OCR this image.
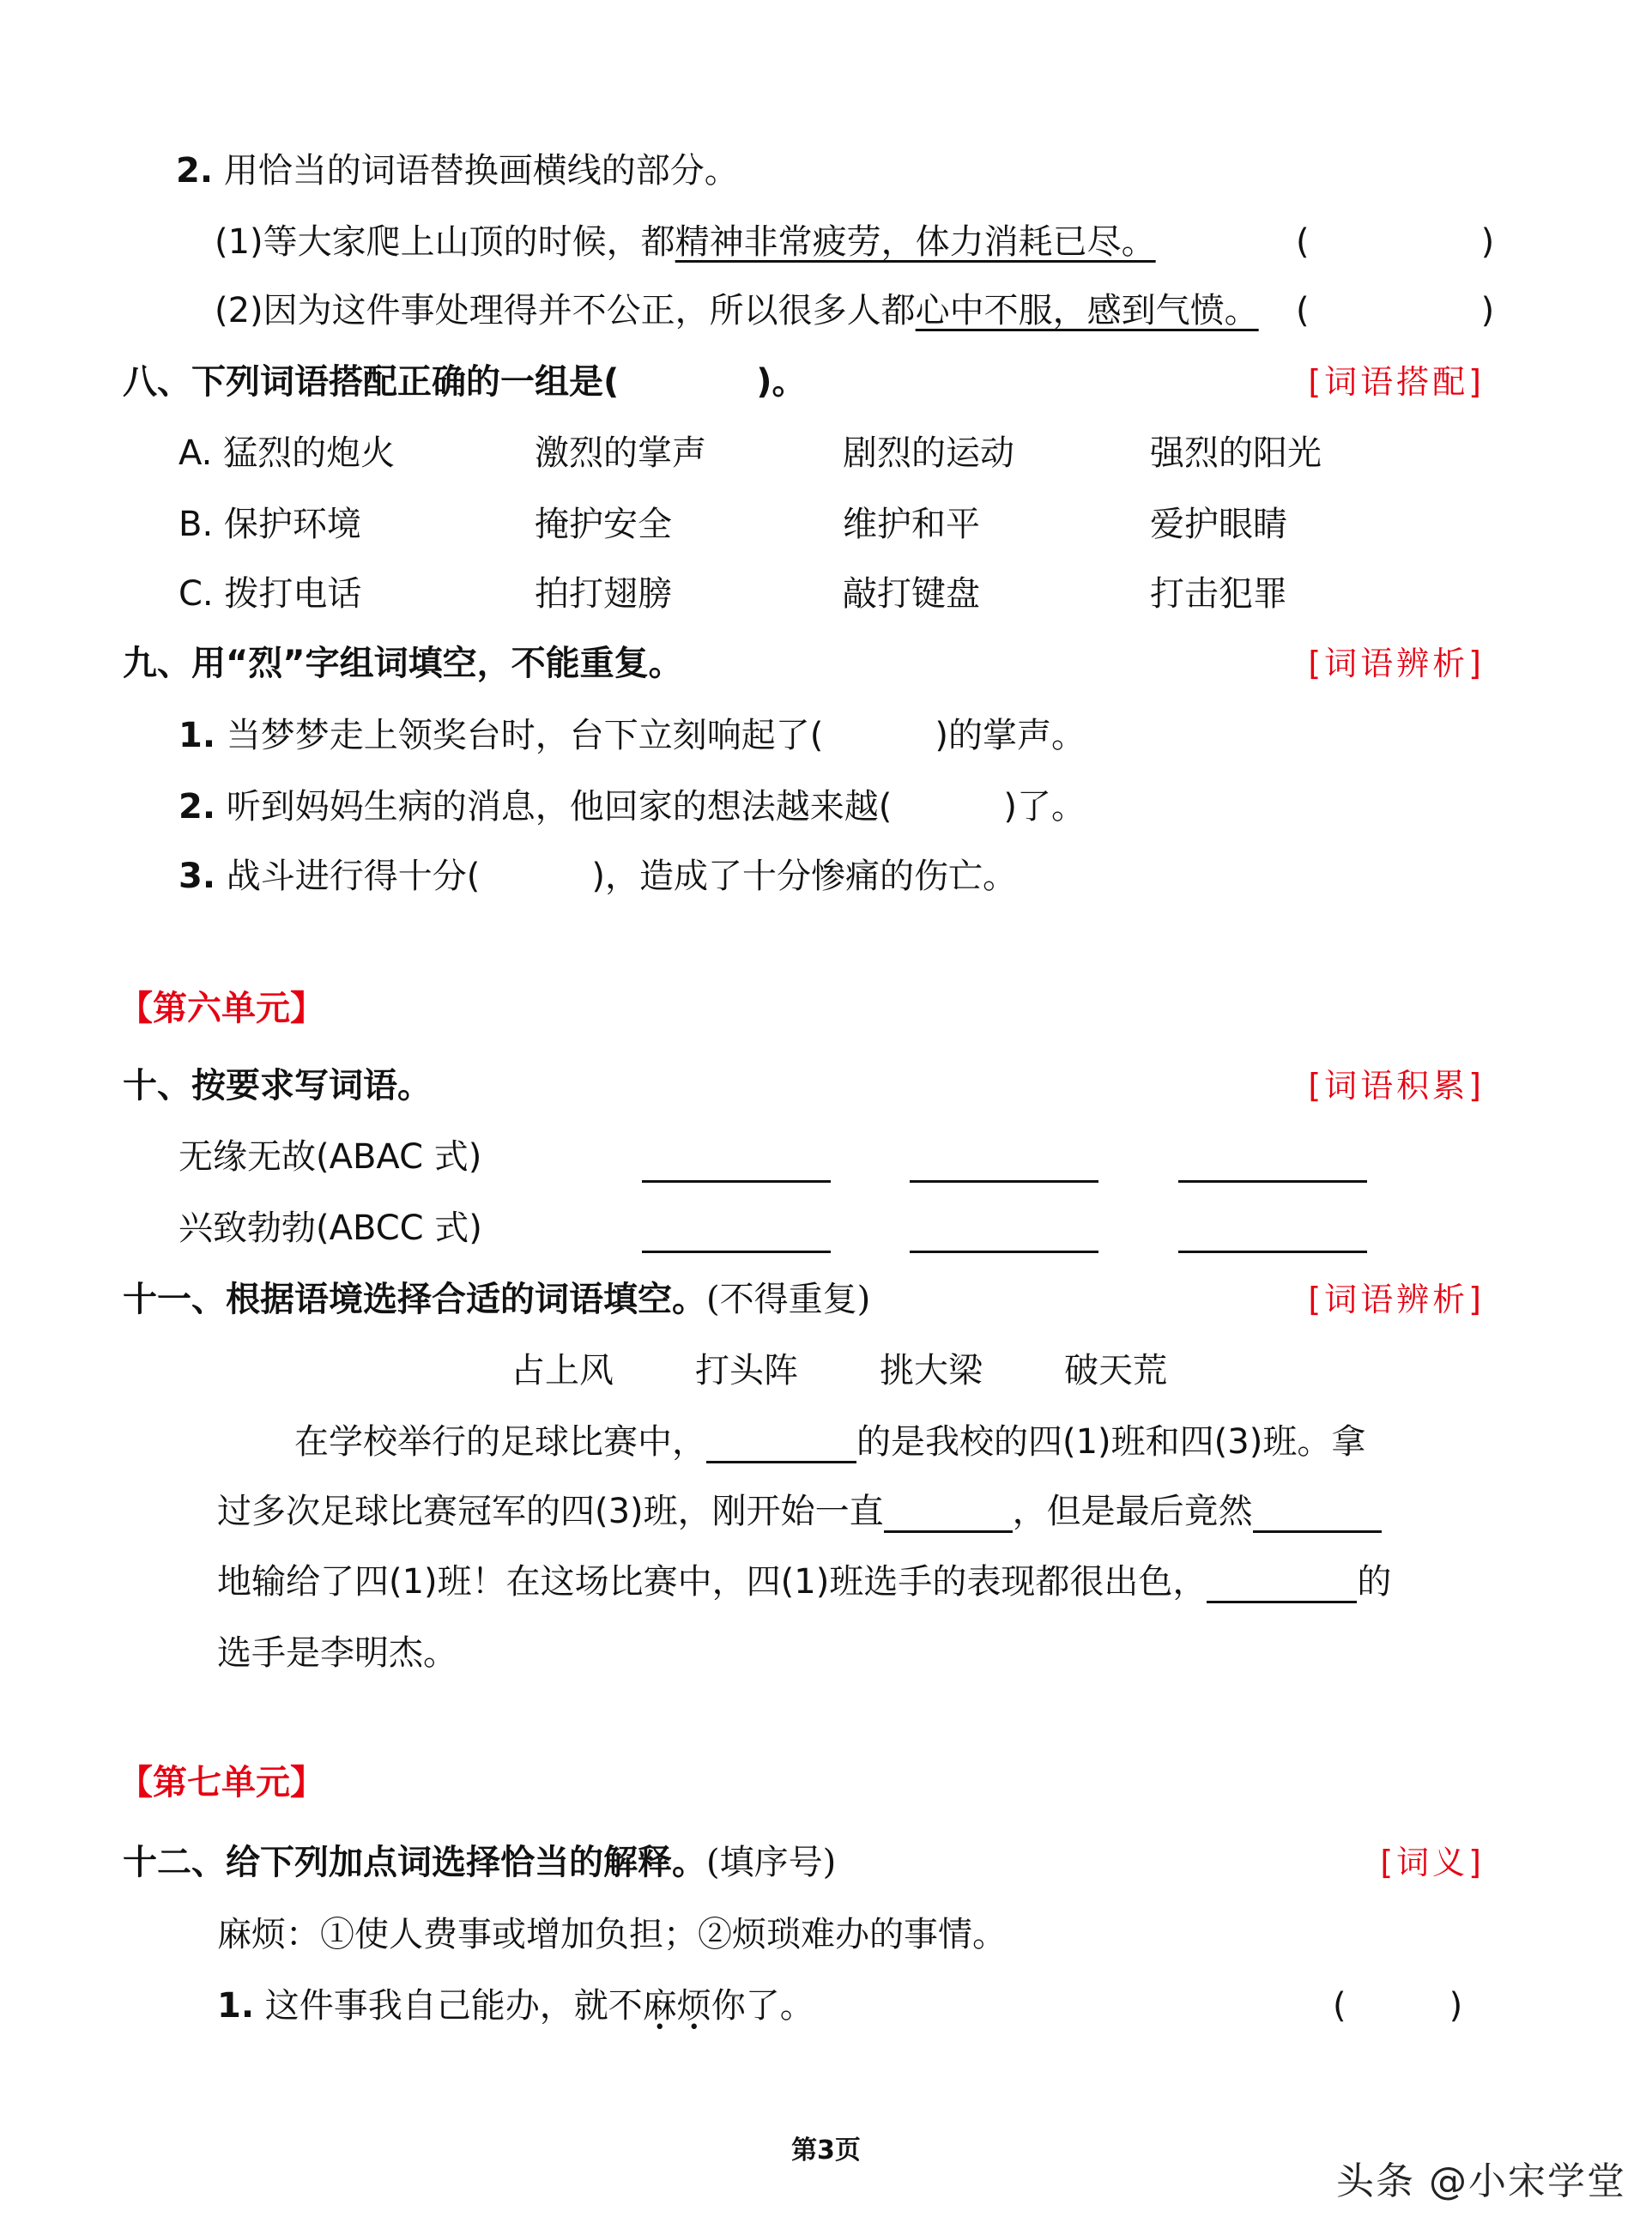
2. 用恰当的词语替换画横线的部分。
(1)等大家爬上山顶的时候，都精神非常疲劳，体力消耗已尽。	(　　　　　)
(2)因为这件事处理得并不公正，所以很多人都心中不服，感到气愤。 (　　　　　)
八、下列词语搭配正确的一组是(　　　　)。	[词语搭配]
A. 猛烈的炮火	激烈的掌声	剧烈的运动	强烈的阳光
B. 保护环境	掩护安全	维护和平	爱护眼睛
C. 拨打电话	拍打翅膀	敲打键盘	打击犯罪
九、用“烈”字组词填空，不能重复。	[词语辨析]
1. 当梦梦走上领奖台时，台下立刻响起了(	)的掌声。
2. 听到妈妈生病的消息，他回家的想法越来越(	)了。
3. 战斗进行得十分(	)，造成了十分惨痛的伤亡。
【第六单元】
十、按要求写词语。	[词语积累]
无缘无故(ABAC 式)
兴致勃勃(ABCC 式)
十一、根据语境选择合适的词语填空。(不得重复)	[词语辨析]
占上风 打头阵 挑大梁 破天荒
在学校举行的足球比赛中，	的是我校的四(1)班和四(3)班。拿
过多次足球比赛冠军的四(3)班，刚开始一直	，但是最后竟然
地输给了四(1)班！在这场比赛中，四(1)班选手的表现都很出色，	的
选手是李明杰。
【第七单元】
十二、给下列加点词选择恰当的解释。(填序号)	[词义]
麻烦：①使人费事或增加负担；②烦琐难办的事情。
1. 这件事我自己能办，就不麻烦你了。	(　　　)
第3页
头条 @小宋学堂
